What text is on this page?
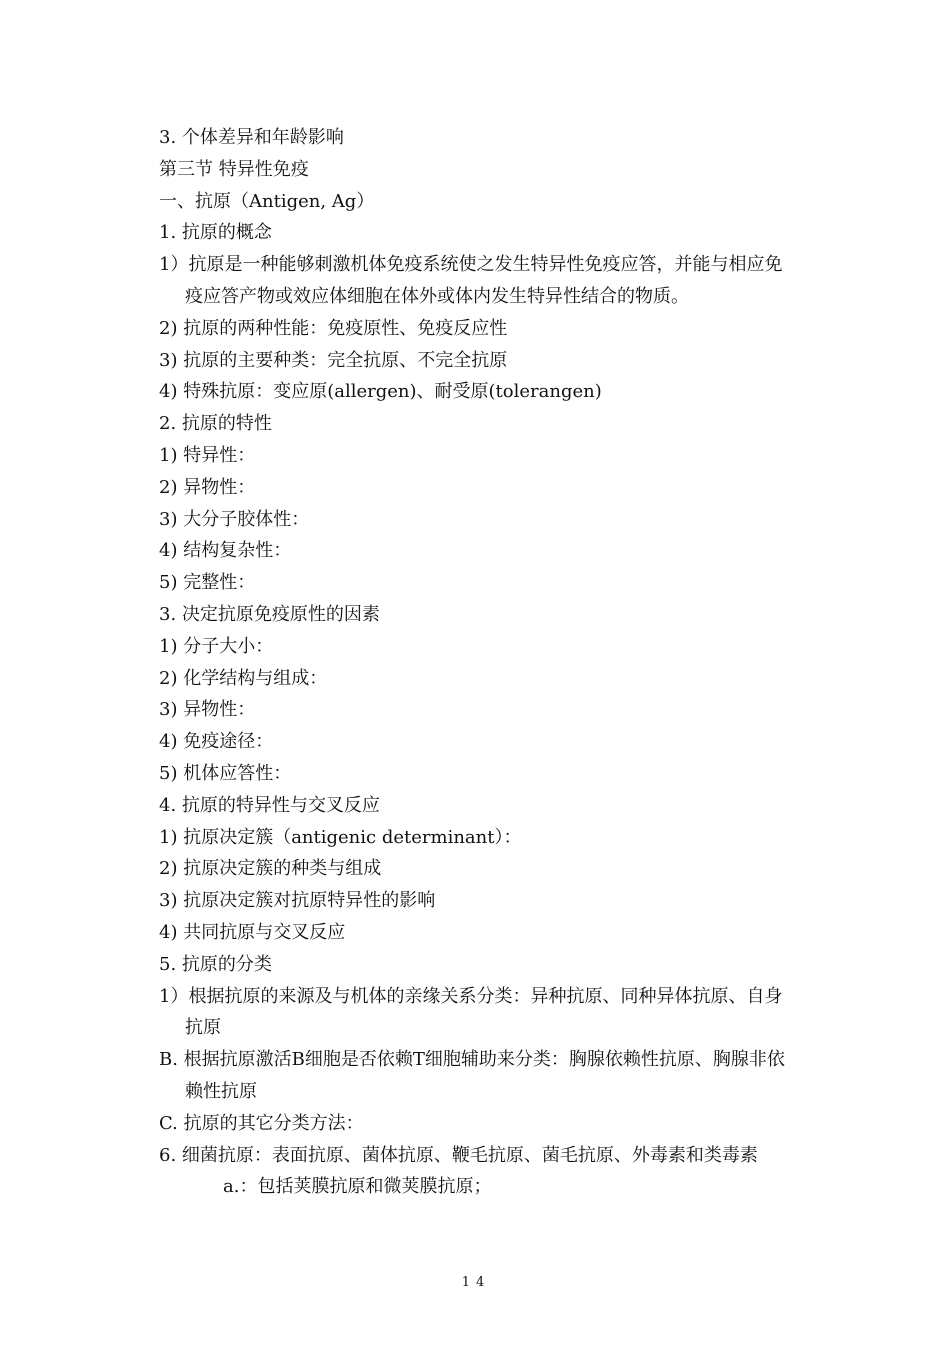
3. 个体差异和年龄影响

第三节 特异性免疫

一、抗原（Antigen, Ag）

1. 抗原的概念

1）抗原是一种能够刺激机体免疫系统使之发生特异性免疫应答，并能与相应免

疫应答产物或效应体细胞在体外或体内发生特异性结合的物质。

2) 抗原的两种性能：免疫原性、免疫反应性

3) 抗原的主要种类：完全抗原、不完全抗原

4) 特殊抗原：变应原(allergen)、耐受原(tolerangen)

2. 抗原的特性

1) 特异性：

2) 异物性：

3) 大分子胶体性：

4) 结构复杂性：

5) 完整性：

3. 决定抗原免疫原性的因素

1) 分子大小：

2) 化学结构与组成：

3) 异物性：

4) 免疫途径：

5) 机体应答性：

4. 抗原的特异性与交叉反应

1) 抗原决定簇（antigenic determinant）：

2) 抗原决定簇的种类与组成

3) 抗原决定簇对抗原特异性的影响

4) 共同抗原与交叉反应

5. 抗原的分类

1）根据抗原的来源及与机体的亲缘关系分类：异种抗原、同种异体抗原、自身

抗原

B. 根据抗原激活B细胞是否依赖T细胞辅助来分类：胸腺依赖性抗原、胸腺非依

赖性抗原

C. 抗原的其它分类方法：

6. 细菌抗原：表面抗原、菌体抗原、鞭毛抗原、菌毛抗原、外毒素和类毒素

a.：包括荚膜抗原和微荚膜抗原；

14
